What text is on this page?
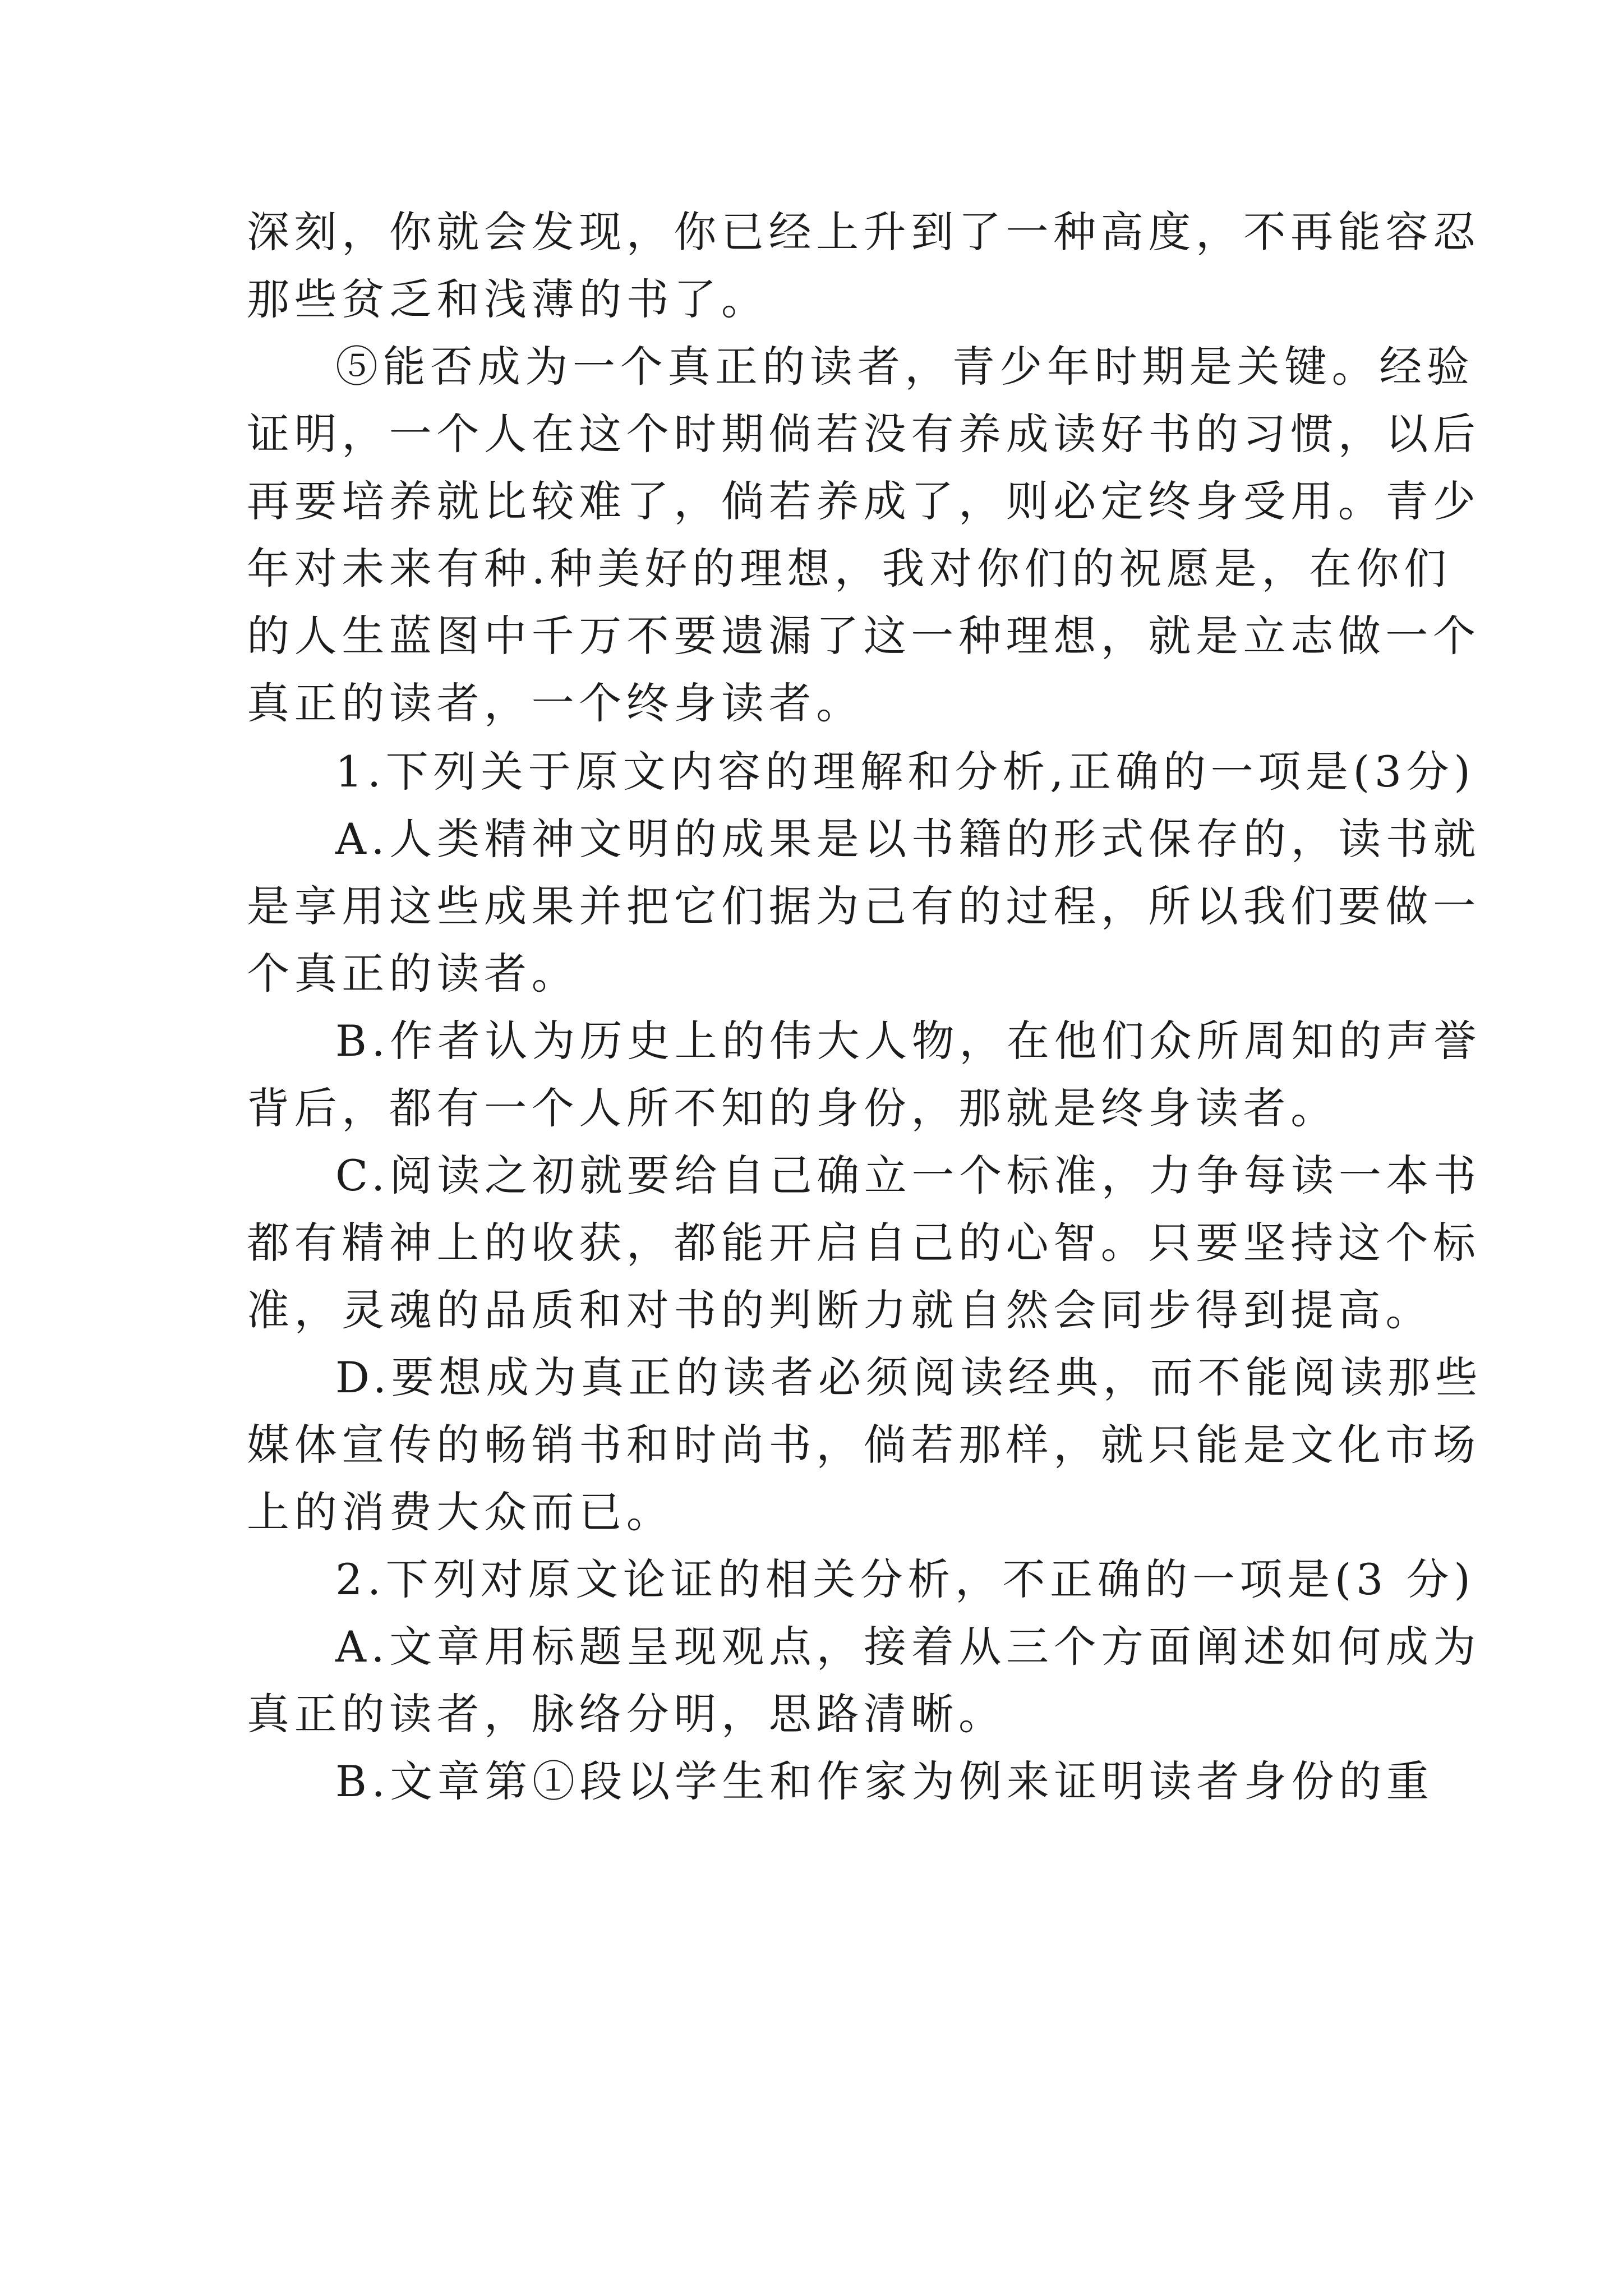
深刻，你就会发现，你已经上升到了一种高度，不再能容忍
那些贫乏和浅薄的书了。
⑤能否成为一个真正的读者，青少年时期是关键。经验
证明，一个人在这个时期倘若没有养成读好书的习惯，以后
再要培养就比较难了，倘若养成了，则必定终身受用。青少
年对未来有种.种美好的理想，我对你们的祝愿是，在你们
的人生蓝图中千万不要遗漏了这一种理想，就是立志做一个
真正的读者，一个终身读者。
1.下列关于原文内容的理解和分析,正确的一项是(3分)
A.人类精神文明的成果是以书籍的形式保存的，读书就
是享用这些成果并把它们据为己有的过程，所以我们要做一
个真正的读者。
B.作者认为历史上的伟大人物，在他们众所周知的声誉
背后，都有一个人所不知的身份，那就是终身读者。
C.阅读之初就要给自己确立一个标准，力争每读一本书
都有精神上的收获，都能开启自己的心智。只要坚持这个标
准，灵魂的品质和对书的判断力就自然会同步得到提高。
D.要想成为真正的读者必须阅读经典，而不能阅读那些
媒体宣传的畅销书和时尚书，倘若那样，就只能是文化市场
上的消费大众而已。
2.下列对原文论证的相关分析，不正确的一项是(3 分)
A.文章用标题呈现观点，接着从三个方面阐述如何成为
真正的读者，脉络分明，思路清晰。
B.文章第①段以学生和作家为例来证明读者身份的重
